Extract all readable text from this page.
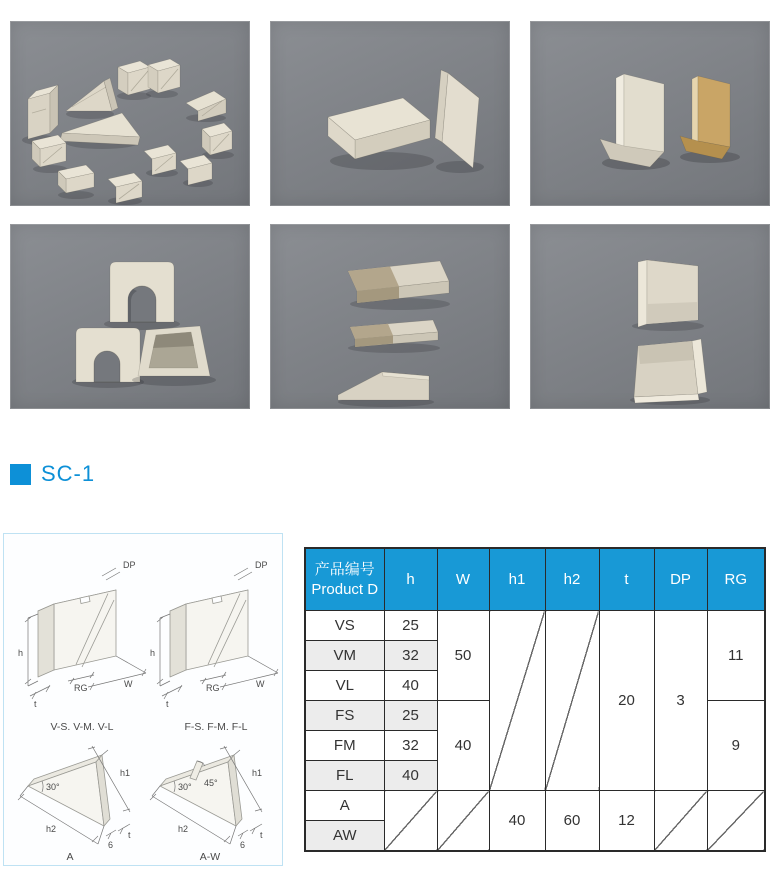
SC-1
V-S. V-M. V-L	F-S. F-M. F-L
45°
A	A-W
产品编号
Product D	h	W	h1	h2	t	DP	RG
VS	25	50			20	3	11
VM	32						
VL	40						
FS	25	40					9
FM	32						
FL	40						
A			40	60	12		
AW							
